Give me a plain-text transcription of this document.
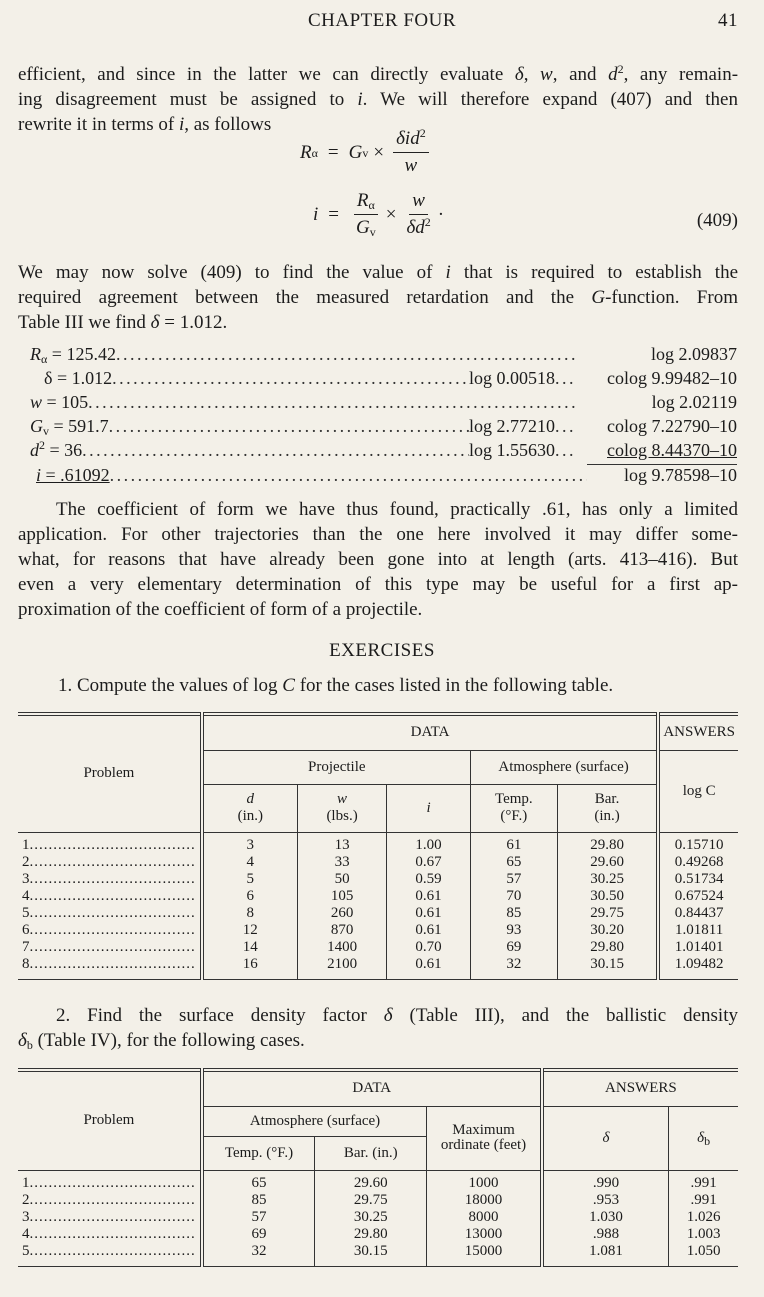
CHAPTER FOUR	41
efficient, and since in the latter we can directly evaluate δ, w, and $d^2$, any remain-
ing disagreement must be assigned to i. We will therefore expand (407) and then
rewrite it in terms of i, as follows
R α = G $v \times \frac{\delta id^2}{w}$
$i = \frac{R_\alpha}{G_v} \times \frac{w}{\delta d^2}$ ·	(409)
We may now solve (409) to find the value of i that is required to establish the
required agreement between the measured retardation and the G-function. From
Table III we find δ = 1.012.
$R_\alpha = 125.42$ . . .	log 2.09837
δ = 1.012 . . .	log 0.00518 . . .	colog 9.99482–10
w = 105 . . .	log 2.02119
$G_v = 591.7$ . . .	log 2.77210 . . .	colog 7.22790–10
$d^2 = 36$ . . .	log 1.55630 . . .	colog 8.44370–10
i = .61092 . . .	log 9.78598–10
The coefficient of form we have thus found, practically .61, has only a limited
application. For other trajectories than the one here involved it may differ some-
what, for reasons that have already been gone into at length (arts. 413–416). But
even a very elementary determination of this type may be useful for a first ap-
proximation of the coefficient of form of a projectile.
EXERCISES
1. Compute the values of log C for the cases listed in the following table.
Problem	DATA					ANSWERS
	Projectile			Atmosphere (surface)		log C
	d
(in.)	w
(lbs.)	i	Temp.
(°F.)	Bar.
(in.)	
1 .....	3	13	1.00	61	29.80	0.15710
2 .....	4	33	0.67	65	29.60	0.49268
3 .....	5	50	0.59	57	30.25	0.51734
4 .....	6	105	0.61	70	30.50	0.67524
5 .....	8	260	0.61	85	29.75	0.84437
6 .....	12	870	0.61	93	30.20	1.01811
7 .....	14	1400	0.70	69	29.80	1.01401
8 .....	16	2100	0.61	32	30.15	1.09482
2. Find the surface density factor δ (Table III), and the ballistic density
$\delta_b$ (Table IV), for the following cases.
Problem	DATA			ANSWERS	
	Atmosphere (surface)		Maximum ordinate (feet)	δ	$\delta_b$
	Temp. (°F.)	Bar. (in.)			
1 .....	65	29.60	1000	.990	.991
2 .....	85	29.75	18000	.953	.991
3 .....	57	30.25	8000	1.030	1.026
4 .....	69	29.80	13000	.988	1.003
5 .....	32	30.15	15000	1.081	1.050
